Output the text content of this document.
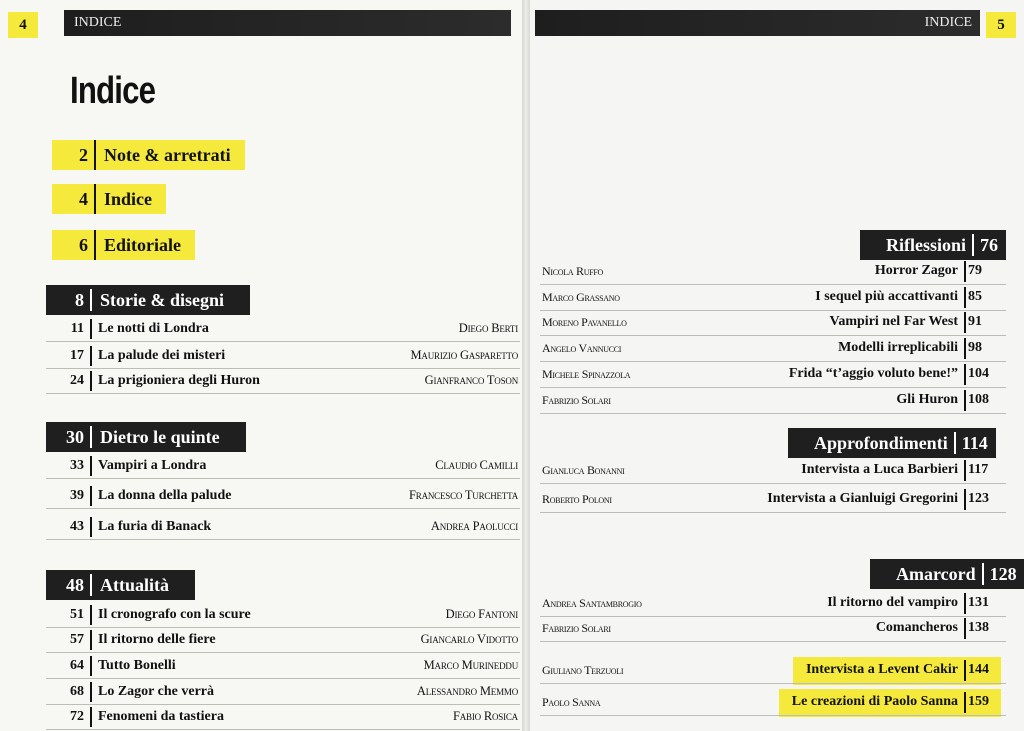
4	INDICE
Indice
2 Note & arretrati
4 Indice
6 Editoriale
8 Storie & disegni
11 Le notti di Londra	Diego Berti
17 La palude dei misteri	Maurizio Gasparetto
24 La prigioniera degli Huron	Gianfranco Toson
30 Dietro le quinte
33 Vampiri a Londra	Claudio Camilli
39 La donna della palude	Francesco Turchetta
43 La furia di Banack	Andrea Paolucci
48 Attualità
51 Il cronografo con la scure	Diego Fantoni
57 Il ritorno delle fiere	Giancarlo Vidotto
64 Tutto Bonelli	Marco Murineddu
68 Lo Zagor che verrà	Alessandro Memmo
72 Fenomeni da tastiera	Fabio Rosica
INDICE	5
Riflessioni 76
Nicola Ruffo	Horror Zagor 79
Marco Grassano	I sequel più accattivanti 85
Moreno Pavanello	Vampiri nel Far West 91
Angelo Vannucci	Modelli irreplicabili 98
Michele Spinazzola	Frida “t’aggio voluto bene!” 104
Fabrizio Solari	Gli Huron 108
Approfondimenti 114
Gianluca Bonanni	Intervista a Luca Barbieri 117
Roberto Poloni	Intervista a Gianluigi Gregorini 123
Amarcord 128
Andrea Santambrogio	Il ritorno del vampiro 131
Fabrizio Solari	Comancheros 138
Giuliano Terzuoli	Intervista a Levent Cakir 144
Paolo Sanna	Le creazioni di Paolo Sanna 159
